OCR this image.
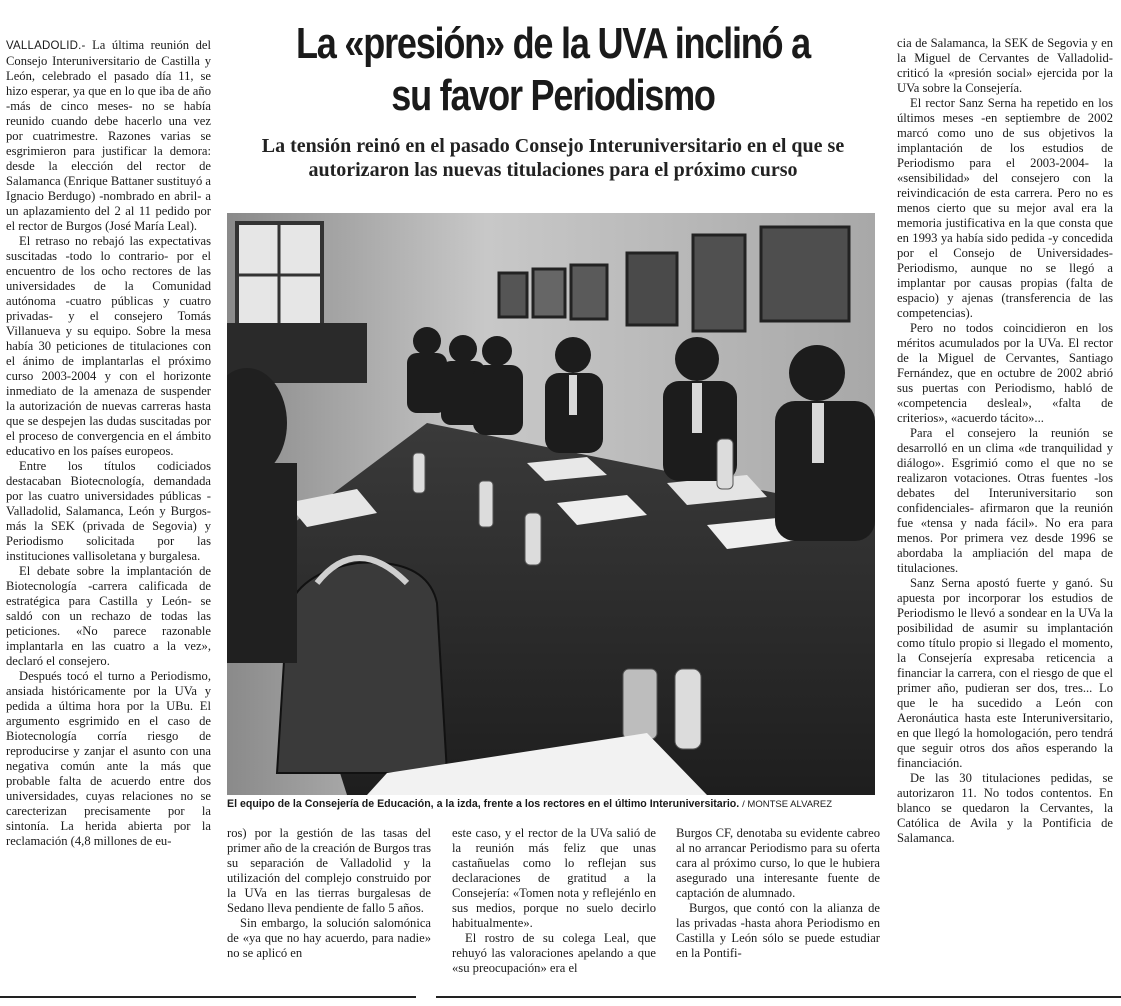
VALLADOLID.- La última reunión del Consejo Interuniversitario de Castilla y León, celebrado el pasado día 11, se hizo esperar, ya que en lo que iba de año -más de cinco meses- no se había reunido cuando debe hacerlo una vez por cuatrimestre. Razones varias se esgrimieron para justificar la demora: desde la elección del rector de Salamanca (Enrique Battaner sustituyó a Ignacio Berdugo) -nombrado en abril- a un aplazamiento del 2 al 11 pedido por el rector de Burgos (José María Leal).

El retraso no rebajó las expectativas suscitadas -todo lo contrario- por el encuentro de los ocho rectores de las universidades de la Comunidad autónoma -cuatro públicas y cuatro privadas- y el consejero Tomás Villanueva y su equipo. Sobre la mesa había 30 peticiones de titulaciones con el ánimo de implantarlas el próximo curso 2003-2004 y con el horizonte inmediato de la amenaza de suspender la autorización de nuevas carreras hasta que se despejen las dudas suscitadas por el proceso de convergencia en el ámbito educativo en los países europeos.

Entre los títulos codiciados destacaban Biotecnología, demandada por las cuatro universidades públicas -Valladolid, Salamanca, León y Burgos- más la SEK (privada de Segovia) y Periodismo solicitada por las instituciones vallisoletana y burgalesa.

El debate sobre la implantación de Biotecnología -carrera calificada de estratégica para Castilla y León- se saldó con un rechazo de todas las peticiones. «No parece razonable implantarla en las cuatro a la vez», declaró el consejero.

Después tocó el turno a Periodismo, ansiada históricamente por la UVa y pedida a última hora por la UBu. El argumento esgrimido en el caso de Biotecnología corría riesgo de reproducirse y zanjar el asunto con una negativa común ante la más que probable falta de acuerdo entre dos universidades, cuyas relaciones no se carecterizan precisamente por la sintonía. La herida abierta por la reclamación (4,8 millones de eu-

La «presión» de la UVA inclinó a su favor Periodismo
La tensión reinó en el pasado Consejo Interuniversitario en el que se autorizaron las nuevas titulaciones para el próximo curso
El equipo de la Consejería de Educación, a la izda, frente a los rectores en el último Interuniversitario. / MONTSE ALVAREZ

ros) por la gestión de las tasas del primer año de la creación de Burgos tras su separación de Valladolid y la utilización del complejo construido por la UVa en las tierras burgalesas de Sedano lleva pendiente de fallo 5 años.

Sin embargo, la solución salomónica de «ya que no hay acuerdo, para nadie» no se aplicó en

este caso, y el rector de la UVa salió de la reunión más feliz que unas castañuelas como lo reflejan sus declaraciones de gratitud a la Consejería: «Tomen nota y reflejénlo en sus medios, porque no suelo decirlo habitualmente».

El rostro de su colega Leal, que rehuyó las valoraciones apelando a que «su preocupación» era el

Burgos CF, denotaba su evidente cabreo al no arrancar Periodismo para su oferta cara al próximo curso, lo que le hubiera asegurado una interesante fuente de captación de alumnado.

Burgos, que contó con la alianza de las privadas -hasta ahora Periodismo en Castilla y León sólo se puede estudiar en la Pontifi-

cia de Salamanca, la SEK de Segovia y en la Miguel de Cervantes de Valladolid- criticó la «presión social» ejercida por la UVa sobre la Consejería.

El rector Sanz Serna ha repetido en los últimos meses -en septiembre de 2002 marcó como uno de sus objetivos la implantación de los estudios de Periodismo para el 2003-2004- la «sensibilidad» del consejero con la reivindicación de esta carrera. Pero no es menos cierto que su mejor aval era la memoria justificativa en la que consta que en 1993 ya había sido pedida -y concedida por el Consejo de Universidades- Periodismo, aunque no se llegó a implantar por causas propias (falta de espacio) y ajenas (transferencia de las competencias).

Pero no todos coincidieron en los méritos acumulados por la UVa. El rector de la Miguel de Cervantes, Santiago Fernández, que en octubre de 2002 abrió sus puertas con Periodismo, habló de «competencia desleal», «falta de criterios», «acuerdo tácito»...

Para el consejero la reunión se desarrolló en un clima «de tranquilidad y diálogo». Esgrimió como el que no se realizaron votaciones. Otras fuentes -los debates del Interuniversitario son confidenciales- afirmaron que la reunión fue «tensa y nada fácil». No era para menos. Por primera vez desde 1996 se abordaba la ampliación del mapa de titulaciones.

Sanz Serna apostó fuerte y ganó. Su apuesta por incorporar los estudios de Periodismo le llevó a sondear en la UVa la posibilidad de asumir su implantación como título propio si llegado el momento, la Consejería expresaba reticencia a financiar la carrera, con el riesgo de que el primer año, pudieran ser dos, tres... Lo que le ha sucedido a León con Aeronáutica hasta este Interuniversitario, en que llegó la homologación, pero tendrá que seguir otros dos años esperando la financiación.

De las 30 titulaciones pedidas, se autorizaron 11. No todos contentos. En blanco se quedaron la Cervantes, la Católica de Avila y la Pontificia de Salamanca.
